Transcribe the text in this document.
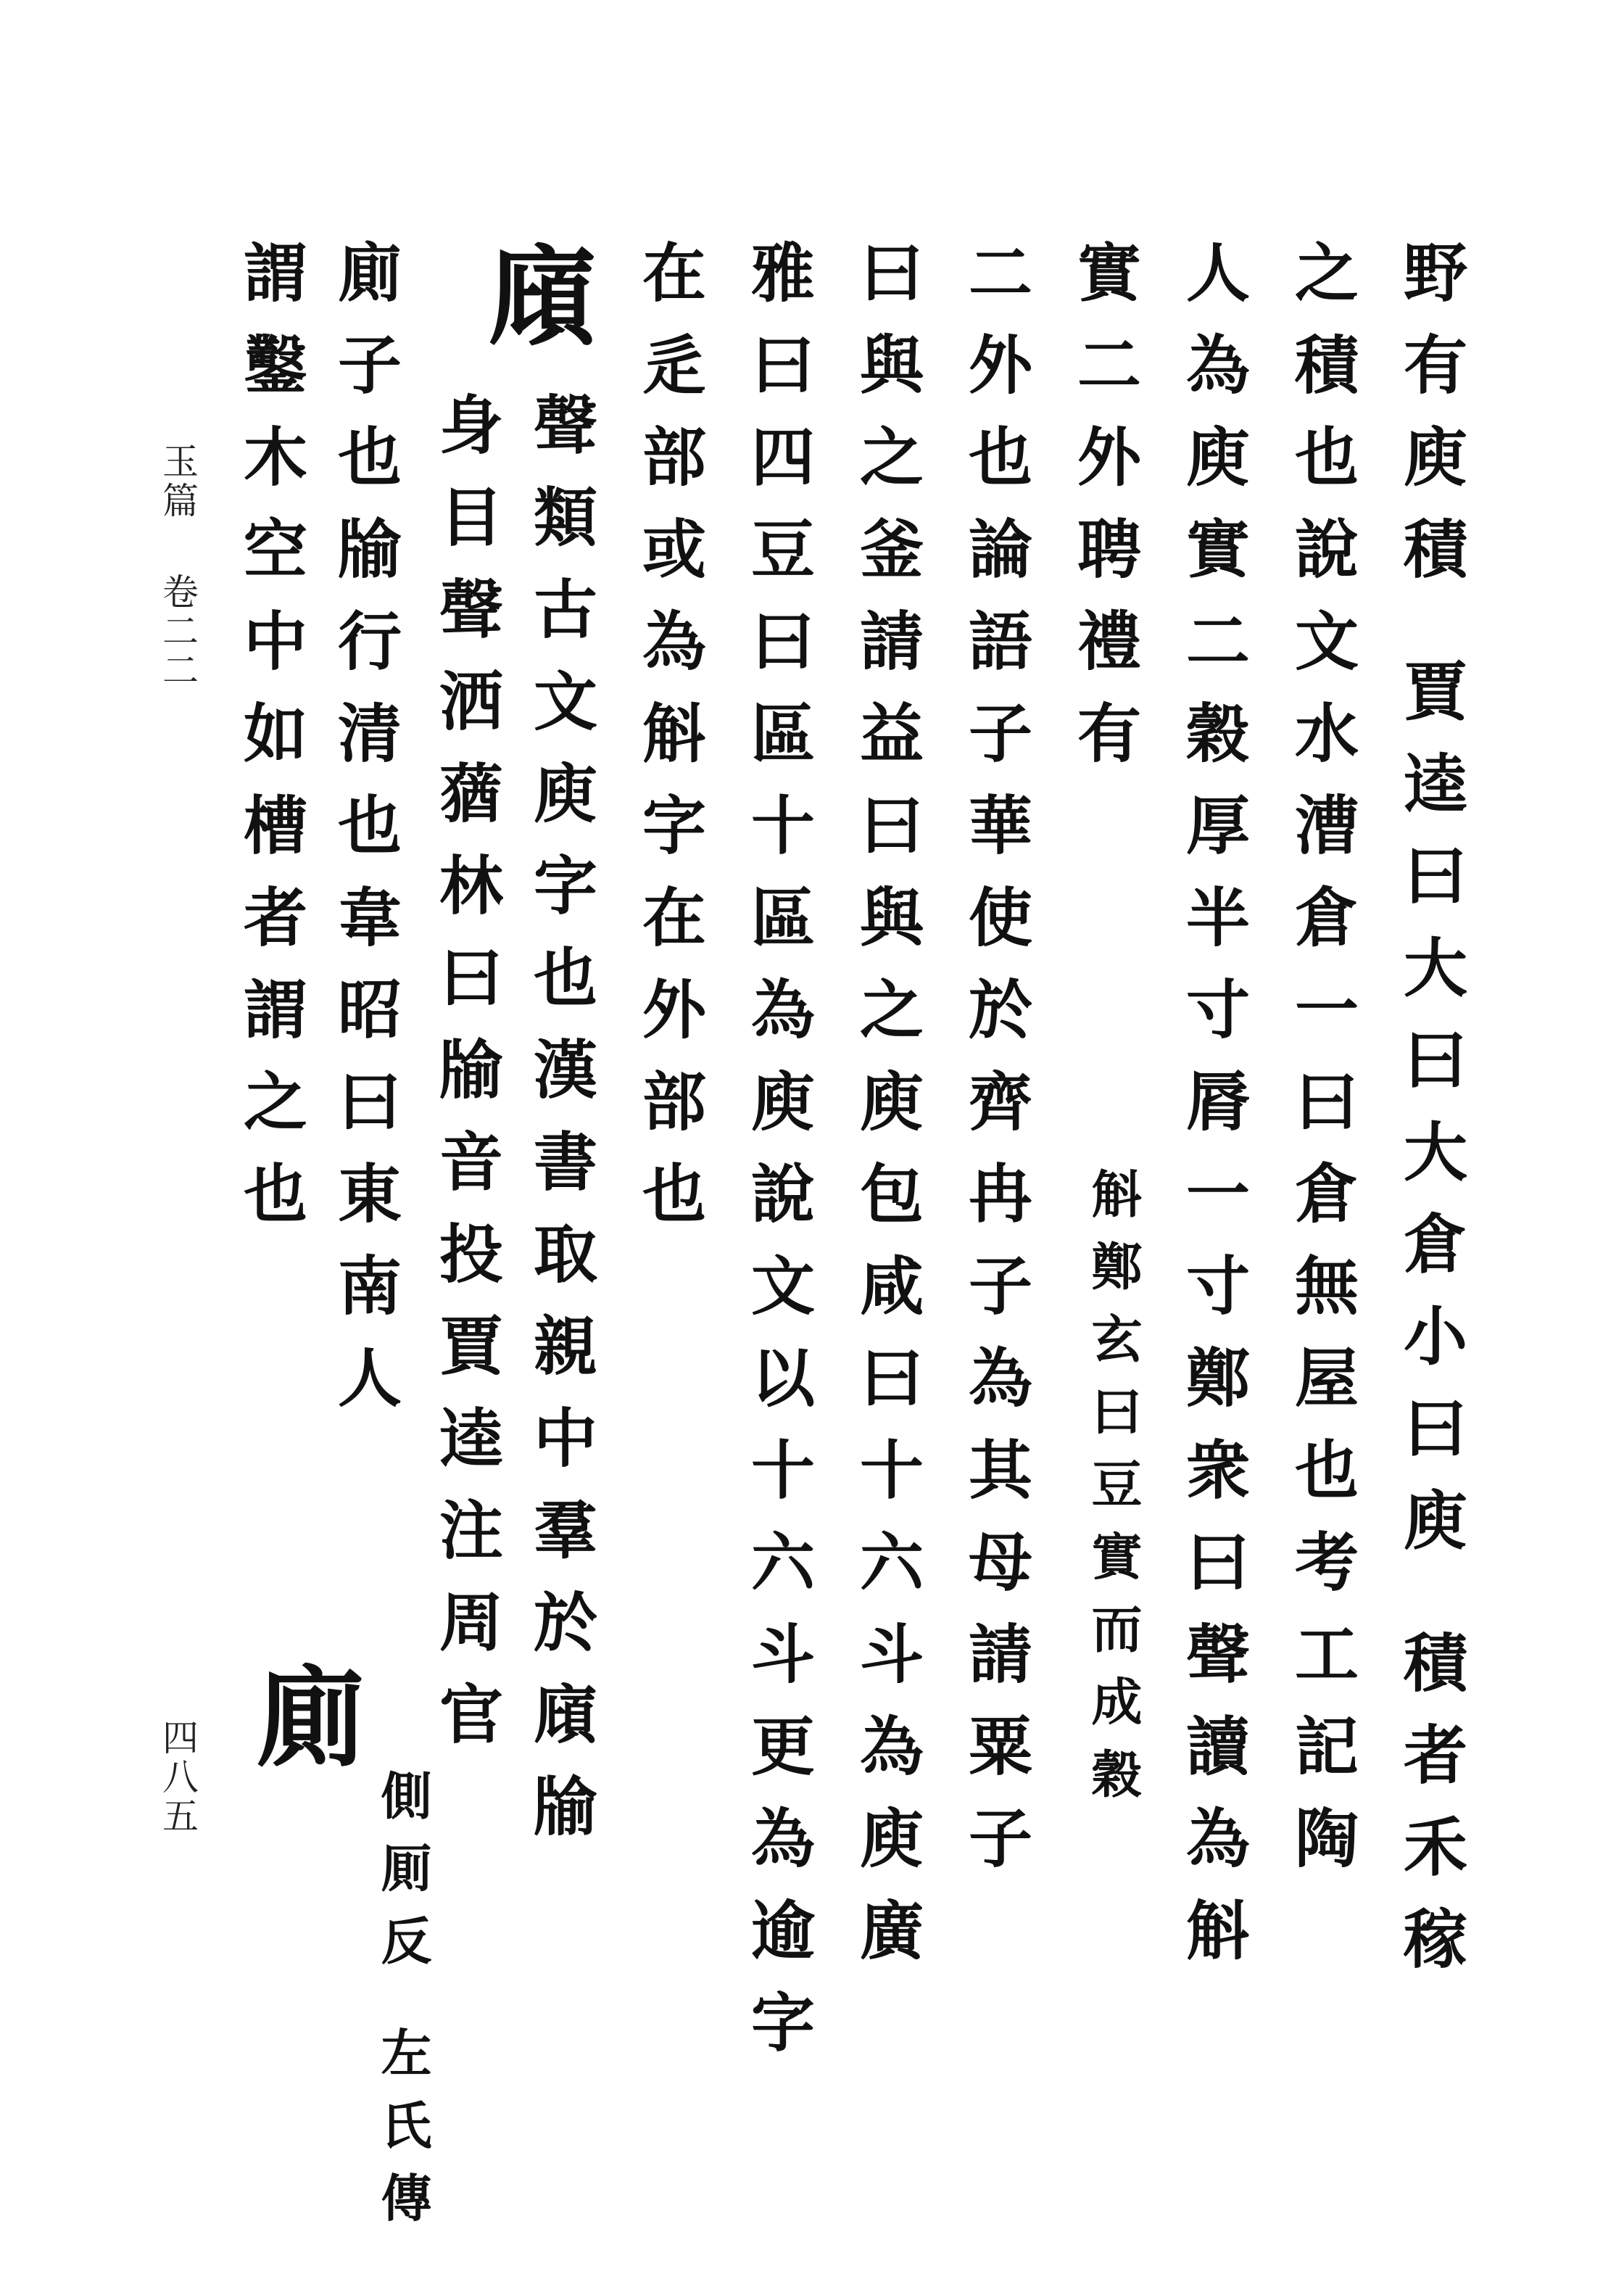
玉篇
卷二二
四八五	野有庾積 賈逵曰大曰大倉小曰庾 積者禾稼
之積也說文水漕倉一曰倉無屋也考工記陶
人為庾實二穀厚半寸脣一寸鄭衆曰聲讀為斛
斛鄭玄曰豆實而成穀
實二外聘禮有
二外也論語子華使於齊冉子為其母請粟子
曰與之釜請益曰與之庾包咸曰十六斗為庾廣
雅曰四豆曰區十區為庾說文以十六斗更為逾字
在辵部或為斛字在外部也
廎
聲類古文庾字也漢書取親中羣於廎牏
身目聲洒蕕林曰牏音投賈逵注周官
廁子也牏行清也韋昭曰東南人
廁
側厠反 左氏傳
謂鑿木空中如槽者謂之也
